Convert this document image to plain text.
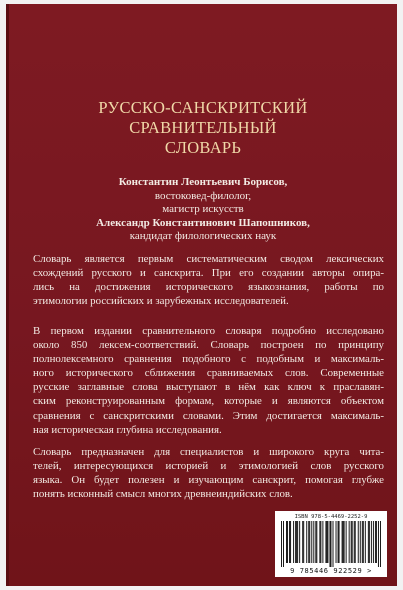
РУССКО-САНСКРИТСКИЙ
СРАВНИТЕЛЬНЫЙ
СЛОВАРЬ
Константин Леонтьевич Борисов,
востоковед-филолог,
магистр искусств
Александр Константинович Шапошников,
кандидат филологических наук
Словарь является первым систематическим сводом лексических
схождений русского и санскрита. При его создании авторы опира-
лись на достижения исторического языкознания, работы по
этимологии российских и зарубежных исследователей.
В первом издании сравнительного словаря подробно исследовано
около 850 лексем-соответствий. Словарь построен по принципу
полнолексемного сравнения подобного с подобным и максималь-
ного исторического сближения сравниваемых слов. Современные
русские заглавные слова выступают в нём как ключ к праславян-
ским реконструированным формам, которые и являются объектом
сравнения с санскритскими словами. Этим достигается максималь-
ная историческая глубина исследования.
Словарь предназначен для специалистов и широкого круга чита-
телей, интересующихся историей и этимологией слов русского
языка. Он будет полезен и изучающим санскрит, помогая глубже
понять исконный смысл многих древнеиндийских слов.
ISBN 978-5-4469-2252-9
9 785446 922529 >
